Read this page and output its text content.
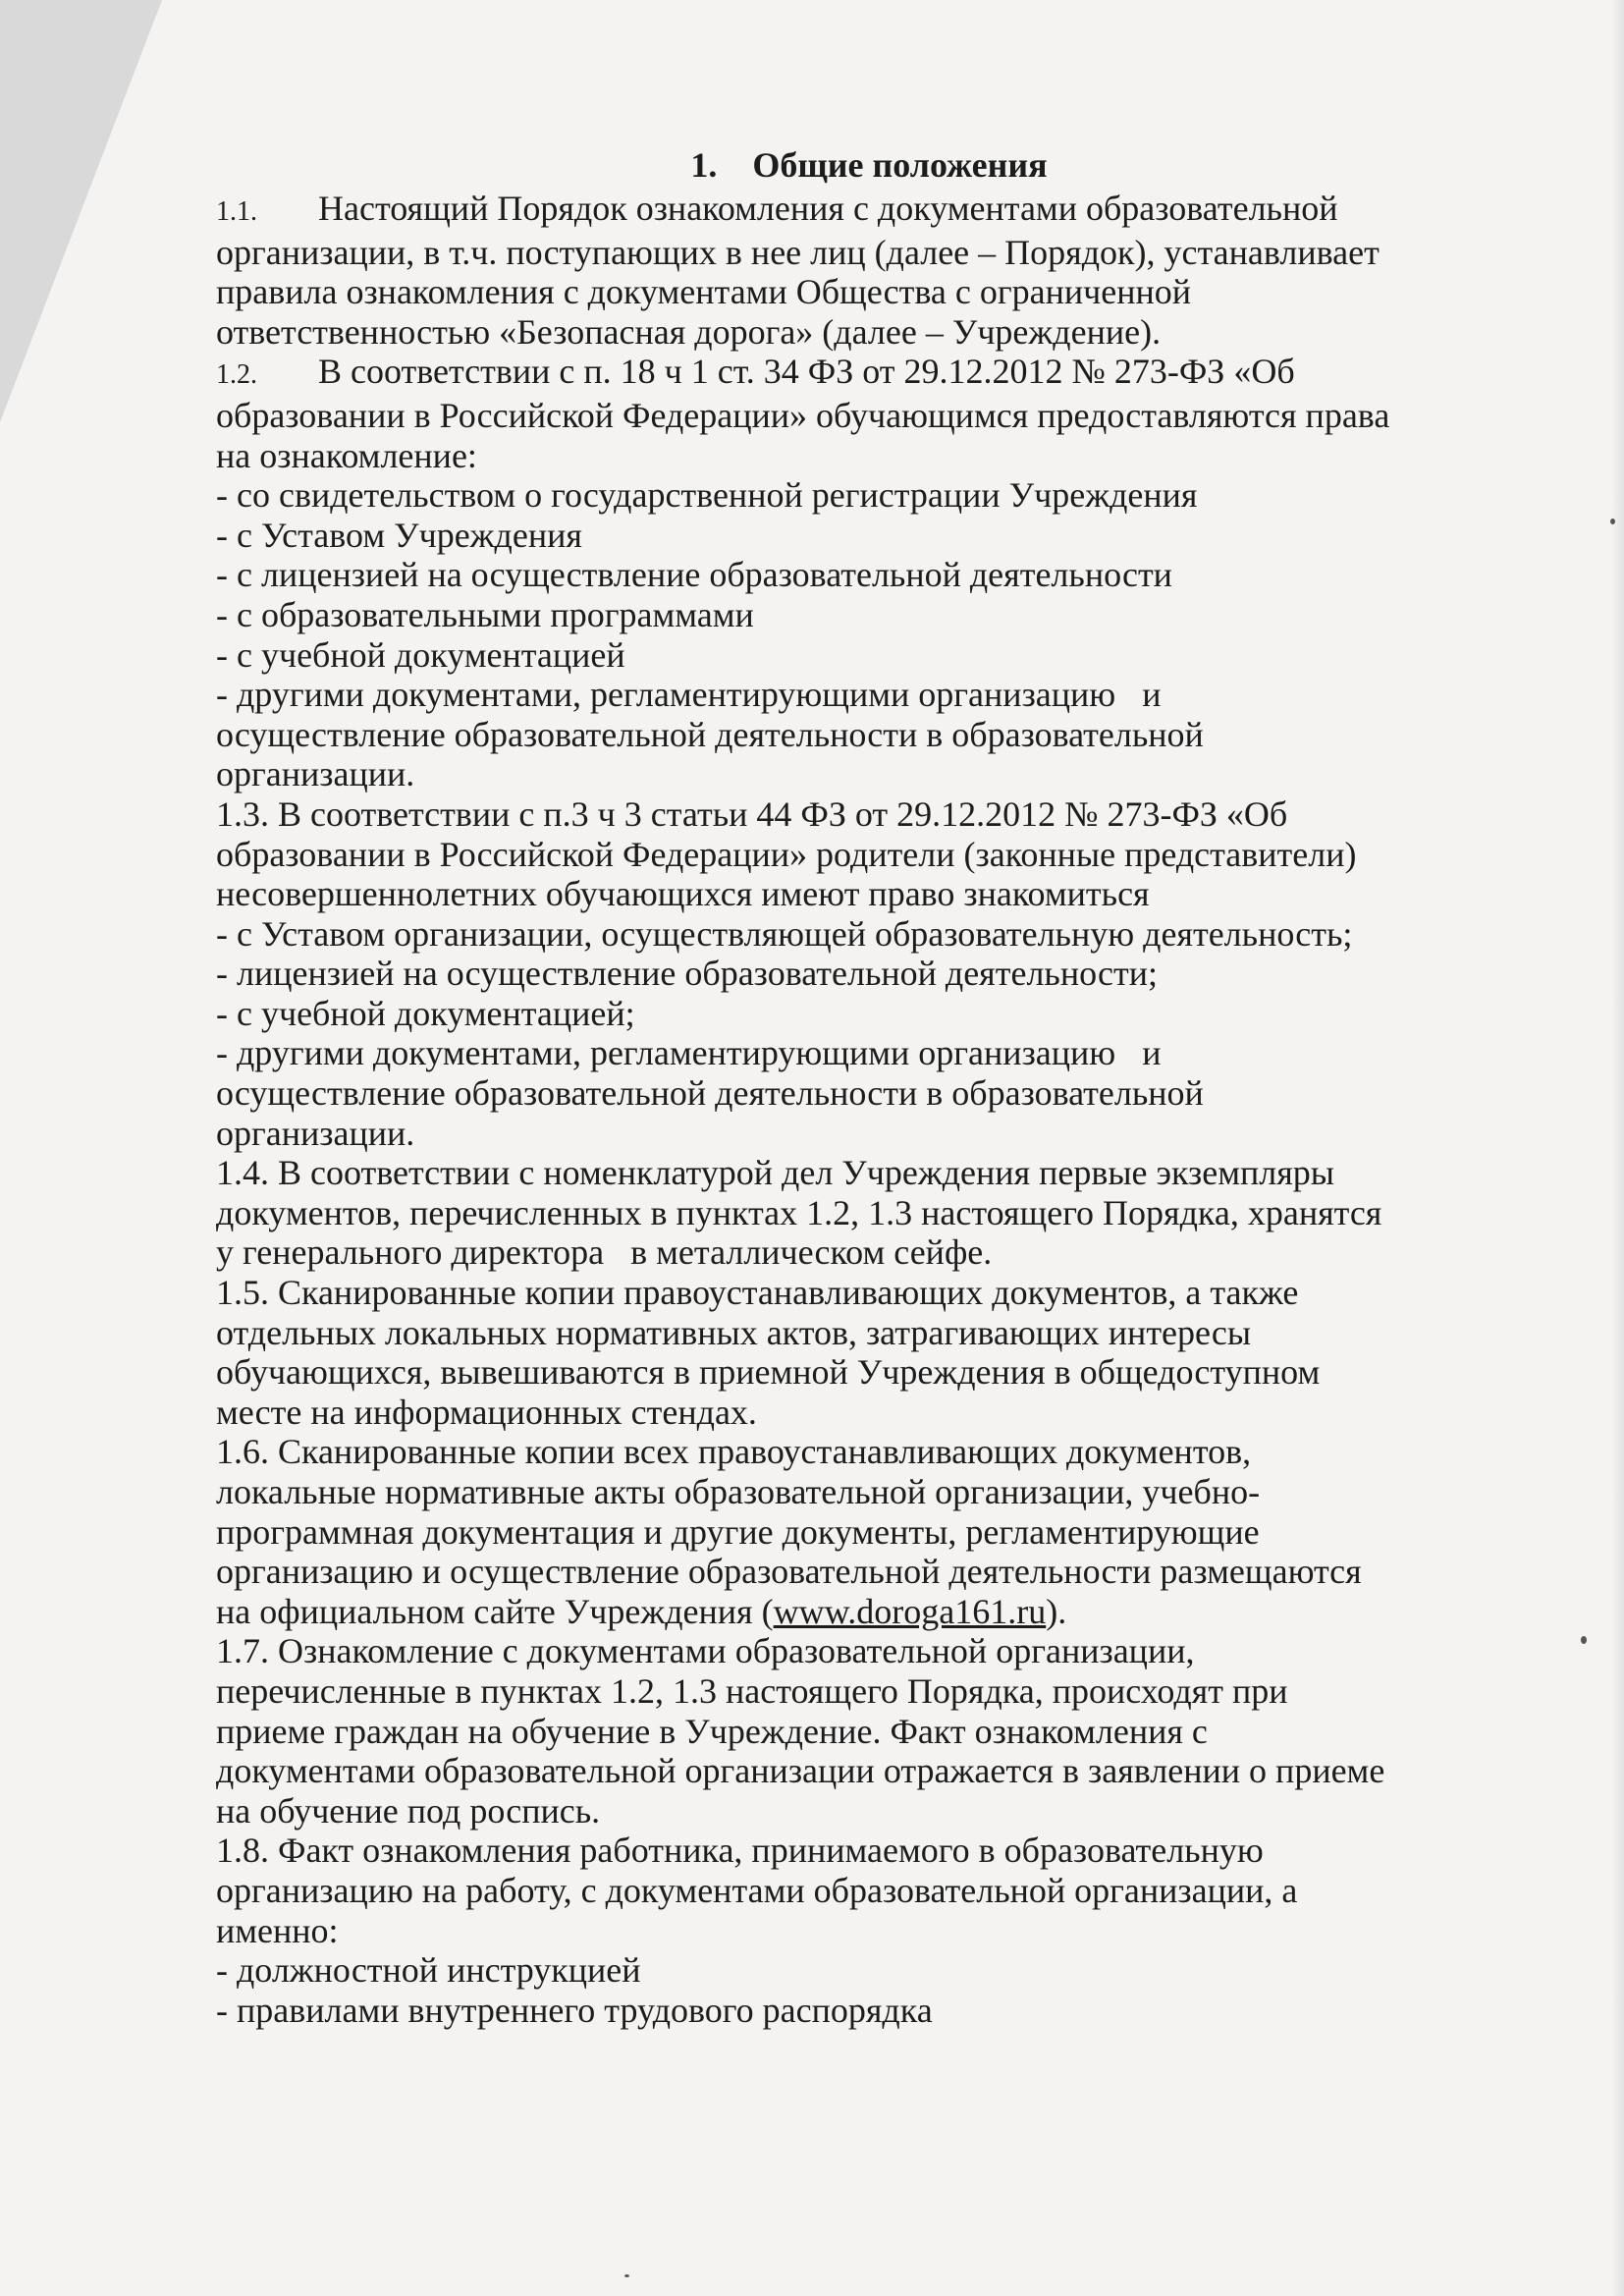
1. Общие положения
1.1. Настоящий Порядок ознакомления с документами образовательной
организации, в т.ч. поступающих в нее лиц (далее – Порядок), устанавливает
правила ознакомления с документами Общества с ограниченной
ответственностью «Безопасная дорога» (далее – Учреждение).
1.2. В соответствии с п. 18 ч 1 ст. 34 ФЗ от 29.12.2012 № 273-ФЗ «Об
образовании в Российской Федерации» обучающимся предоставляются права
на ознакомление:
- со свидетельством о государственной регистрации Учреждения
- с Уставом Учреждения
- с лицензией на осуществление образовательной деятельности
- с образовательными программами
- с учебной документацией
- другими документами, регламентирующими организацию   и
осуществление образовательной деятельности в образовательной
организации.
1.3. В соответствии с п.3 ч 3 статьи 44 ФЗ от 29.12.2012 № 273-ФЗ «Об
образовании в Российской Федерации» родители (законные представители)
несовершеннолетних обучающихся имеют право знакомиться
- с Уставом организации, осуществляющей образовательную деятельность;
- лицензией на осуществление образовательной деятельности;
- с учебной документацией;
- другими документами, регламентирующими организацию   и
осуществление образовательной деятельности в образовательной
организации.
1.4. В соответствии с номенклатурой дел Учреждения первые экземпляры
документов, перечисленных в пунктах 1.2, 1.3 настоящего Порядка, хранятся
у генерального директора   в металлическом сейфе.
1.5. Сканированные копии правоустанавливающих документов, а также
отдельных локальных нормативных актов, затрагивающих интересы
обучающихся, вывешиваются в приемной Учреждения в общедоступном
месте на информационных стендах.
1.6. Сканированные копии всех правоустанавливающих документов,
локальные нормативные акты образовательной организации, учебно-
программная документация и другие документы, регламентирующие
организацию и осуществление образовательной деятельности размещаются
на официальном сайте Учреждения (www.doroga161.ru).
1.7. Ознакомление с документами образовательной организации,
перечисленные в пунктах 1.2, 1.3 настоящего Порядка, происходят при
приеме граждан на обучение в Учреждение. Факт ознакомления с
документами образовательной организации отражается в заявлении о приеме
на обучение под роспись.
1.8. Факт ознакомления работника, принимаемого в образовательную
организацию на работу, с документами образовательной организации, а
именно:
- должностной инструкцией
- правилами внутреннего трудового распорядка
